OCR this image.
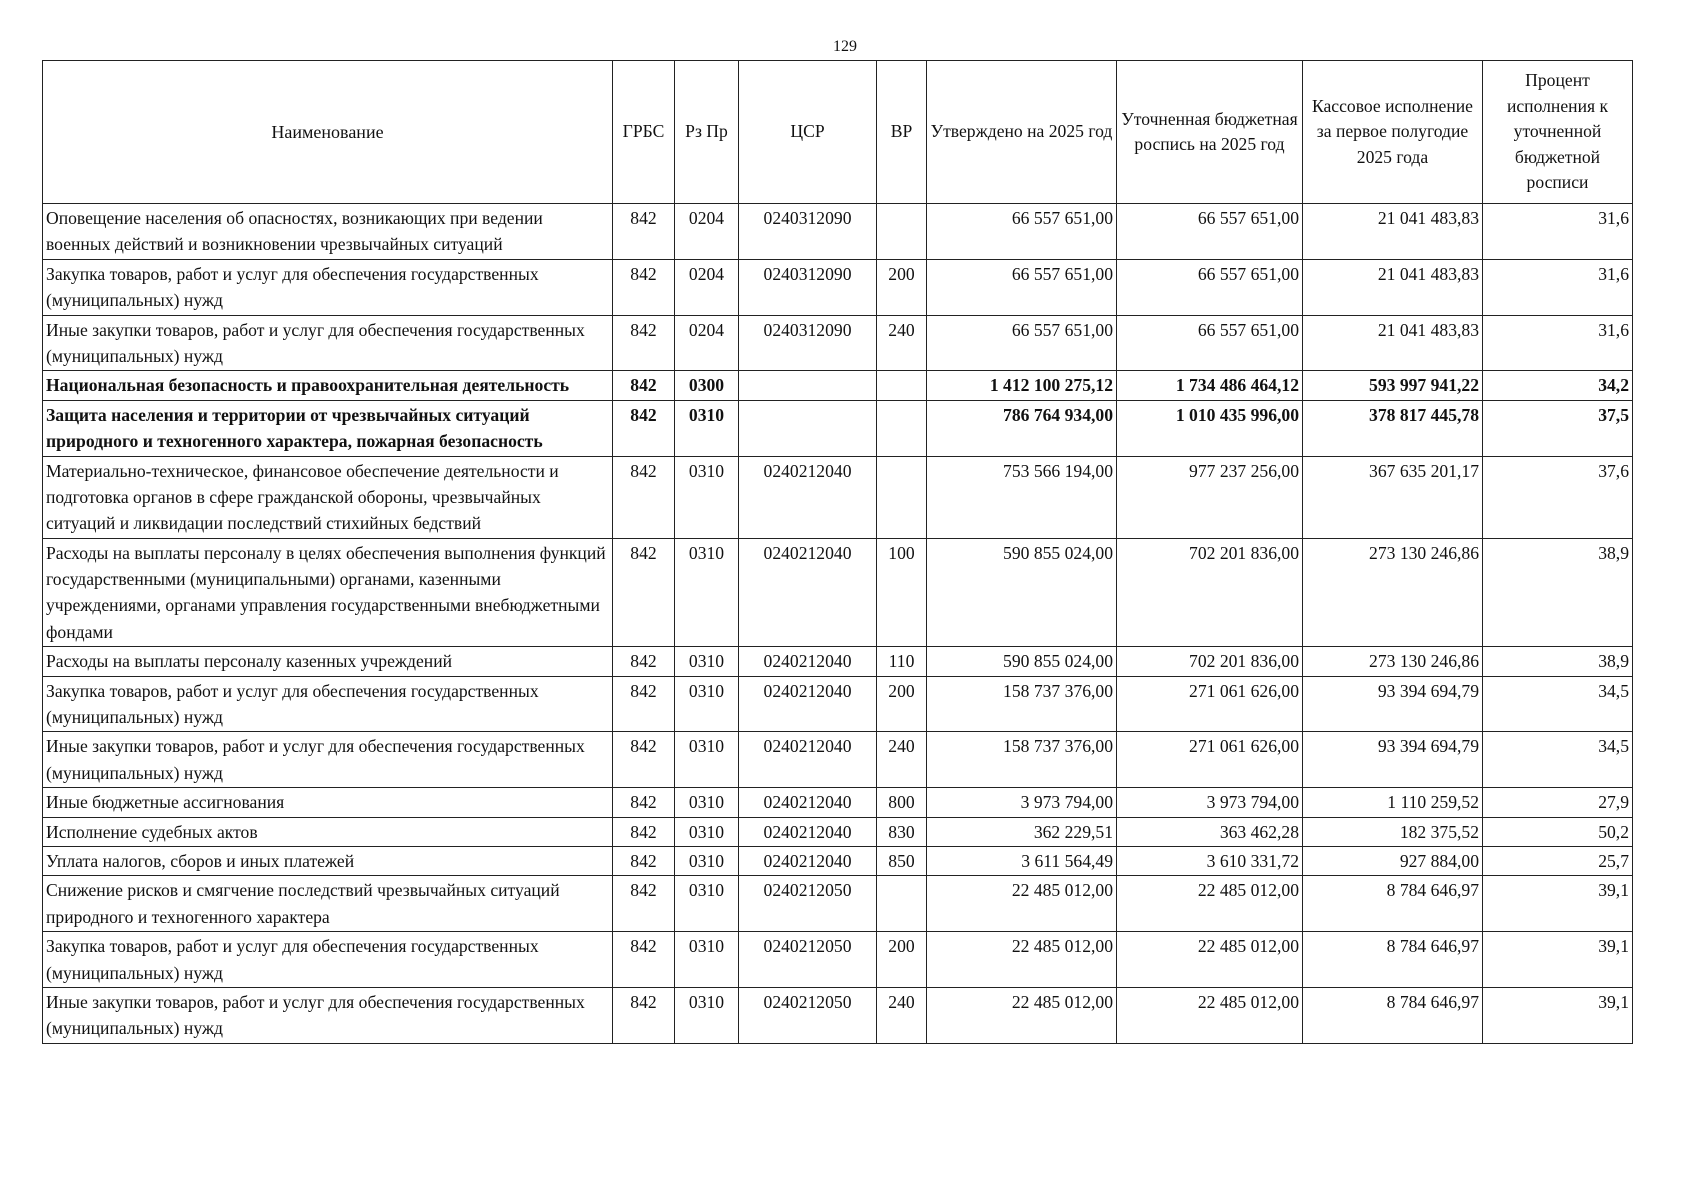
129
Наименование	ГРБС	Рз Пр	ЦСР	ВР	Утверждено на 2025 год	Уточненная бюджетная роспись на 2025 год	Кассовое исполнение за первое полугодие 2025 года	Процент исполнения к уточненной бюджетной росписи
Оповещение населения об опасностях, возникающих при ведении военных действий и возникновении чрезвычайных ситуаций	842	0204	0240312090		66 557 651,00	66 557 651,00	21 041 483,83	31,6
Закупка товаров, работ и услуг для обеспечения государственных (муниципальных) нужд	842	0204	0240312090	200	66 557 651,00	66 557 651,00	21 041 483,83	31,6
Иные закупки товаров, работ и услуг для обеспечения государственных (муниципальных) нужд	842	0204	0240312090	240	66 557 651,00	66 557 651,00	21 041 483,83	31,6
Национальная безопасность и правоохранительная деятельность	842	0300			1 412 100 275,12	1 734 486 464,12	593 997 941,22	34,2
Защита населения и территории от чрезвычайных ситуаций природного и техногенного характера, пожарная безопасность	842	0310			786 764 934,00	1 010 435 996,00	378 817 445,78	37,5
Материально-техническое, финансовое обеспечение деятельности и подготовка органов в сфере гражданской обороны, чрезвычайных ситуаций и ликвидации последствий стихийных бедствий	842	0310	0240212040		753 566 194,00	977 237 256,00	367 635 201,17	37,6
Расходы на выплаты персоналу в целях обеспечения выполнения функций государственными (муниципальными) органами, казенными учреждениями, органами управления государственными внебюджетными фондами	842	0310	0240212040	100	590 855 024,00	702 201 836,00	273 130 246,86	38,9
Расходы на выплаты персоналу казенных учреждений	842	0310	0240212040	110	590 855 024,00	702 201 836,00	273 130 246,86	38,9
Закупка товаров, работ и услуг для обеспечения государственных (муниципальных) нужд	842	0310	0240212040	200	158 737 376,00	271 061 626,00	93 394 694,79	34,5
Иные закупки товаров, работ и услуг для обеспечения государственных (муниципальных) нужд	842	0310	0240212040	240	158 737 376,00	271 061 626,00	93 394 694,79	34,5
Иные бюджетные ассигнования	842	0310	0240212040	800	3 973 794,00	3 973 794,00	1 110 259,52	27,9
Исполнение судебных актов	842	0310	0240212040	830	362 229,51	363 462,28	182 375,52	50,2
Уплата налогов, сборов и иных платежей	842	0310	0240212040	850	3 611 564,49	3 610 331,72	927 884,00	25,7
Снижение рисков и смягчение последствий чрезвычайных ситуаций природного и техногенного характера	842	0310	0240212050		22 485 012,00	22 485 012,00	8 784 646,97	39,1
Закупка товаров, работ и услуг для обеспечения государственных (муниципальных) нужд	842	0310	0240212050	200	22 485 012,00	22 485 012,00	8 784 646,97	39,1
Иные закупки товаров, работ и услуг для обеспечения государственных (муниципальных) нужд	842	0310	0240212050	240	22 485 012,00	22 485 012,00	8 784 646,97	39,1
